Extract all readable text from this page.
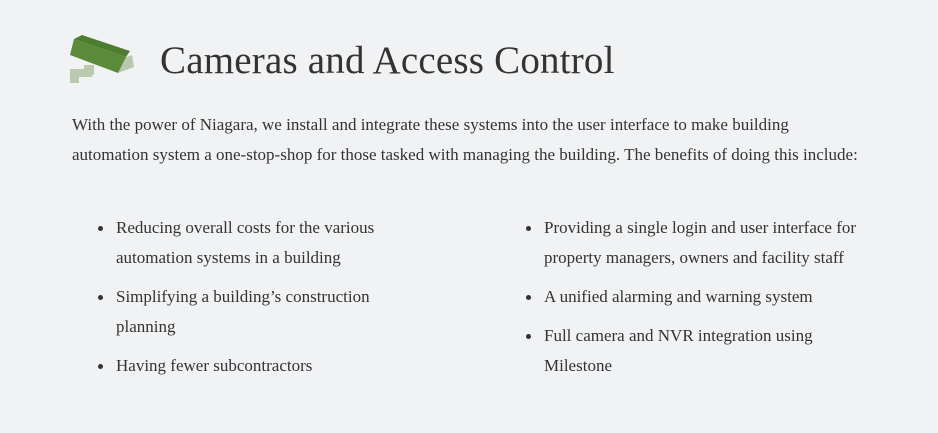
Cameras and Access Control

With the power of Niagara, we install and integrate these systems into the user interface to make building automation system a one-stop-shop for those tasked with managing the building. The benefits of doing this include:

Reducing overall costs for the various automation systems in a building
Simplifying a building’s construction planning
Having fewer subcontractors
Providing a single login and user interface for property managers, owners and facility staff
A unified alarming and warning system
Full camera and NVR integration using Milestone
